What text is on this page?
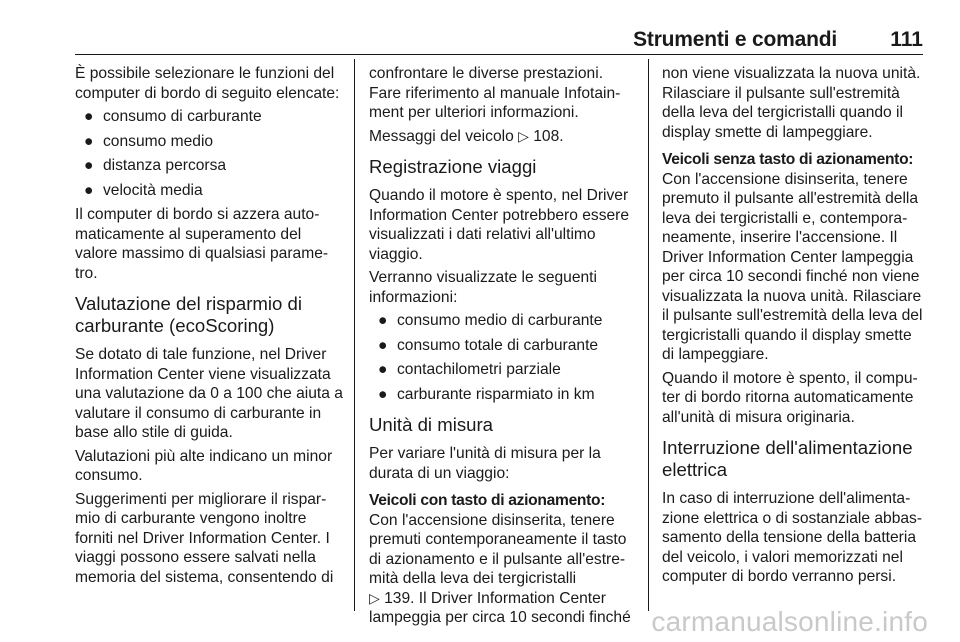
Strumenti e comandi	111

È possibile selezionare le funzioni del computer di bordo di seguito elencate:

● consumo di carburante
● consumo medio
● distanza percorsa
● velocità media

Il computer di bordo si azzera automaticamente al superamento del valore massimo di qualsiasi parametro.

Valutazione del risparmio di carburante (ecoScoring)

Se dotato di tale funzione, nel Driver Information Center viene visualizzata una valutazione da 0 a 100 che aiuta a valutare il consumo di carburante in base allo stile di guida.

Valutazioni più alte indicano un minor consumo.

Suggerimenti per migliorare il risparmio di carburante vengono inoltre forniti nel Driver Information Center. I viaggi possono essere salvati nella memoria del sistema, consentendo di

confrontare le diverse prestazioni. Fare riferimento al manuale Infotainment per ulteriori informazioni.

Messaggi del veicolo ▷ 108.

Registrazione viaggi

Quando il motore è spento, nel Driver Information Center potrebbero essere visualizzati i dati relativi all'ultimo viaggio.

Verranno visualizzate le seguenti informazioni:

● consumo medio di carburante
● consumo totale di carburante
● contachilometri parziale
● carburante risparmiato in km
Unità di misura

Per variare l'unità di misura per la durata di un viaggio:

Veicoli con tasto di azionamento:

Con l'accensione disinserita, tenere premuti contemporaneamente il tasto di azionamento e il pulsante all'estremità della leva dei tergicristalli
▷ 139. Il Driver Information Center lampeggia per circa 10 secondi finché

non viene visualizzata la nuova unità. Rilasciare il pulsante sull'estremità della leva del tergicristalli quando il display smette di lampeggiare.

Veicoli senza tasto di azionamento:

Con l'accensione disinserita, tenere premuto il pulsante all'estremità della leva dei tergicristalli e, contemporaneamente, inserire l'accensione. Il Driver Information Center lampeggia per circa 10 secondi finché non viene visualizzata la nuova unità. Rilasciare il pulsante sull'estremità della leva del tergicristalli quando il display smette di lampeggiare.

Quando il motore è spento, il computer di bordo ritorna automaticamente all'unità di misura originaria.

Interruzione dell'alimentazione elettrica

In caso di interruzione dell'alimentazione elettrica o di sostanziale abbassamento della tensione della batteria del veicolo, i valori memorizzati nel computer di bordo verranno persi.

carmanualsonline.info
